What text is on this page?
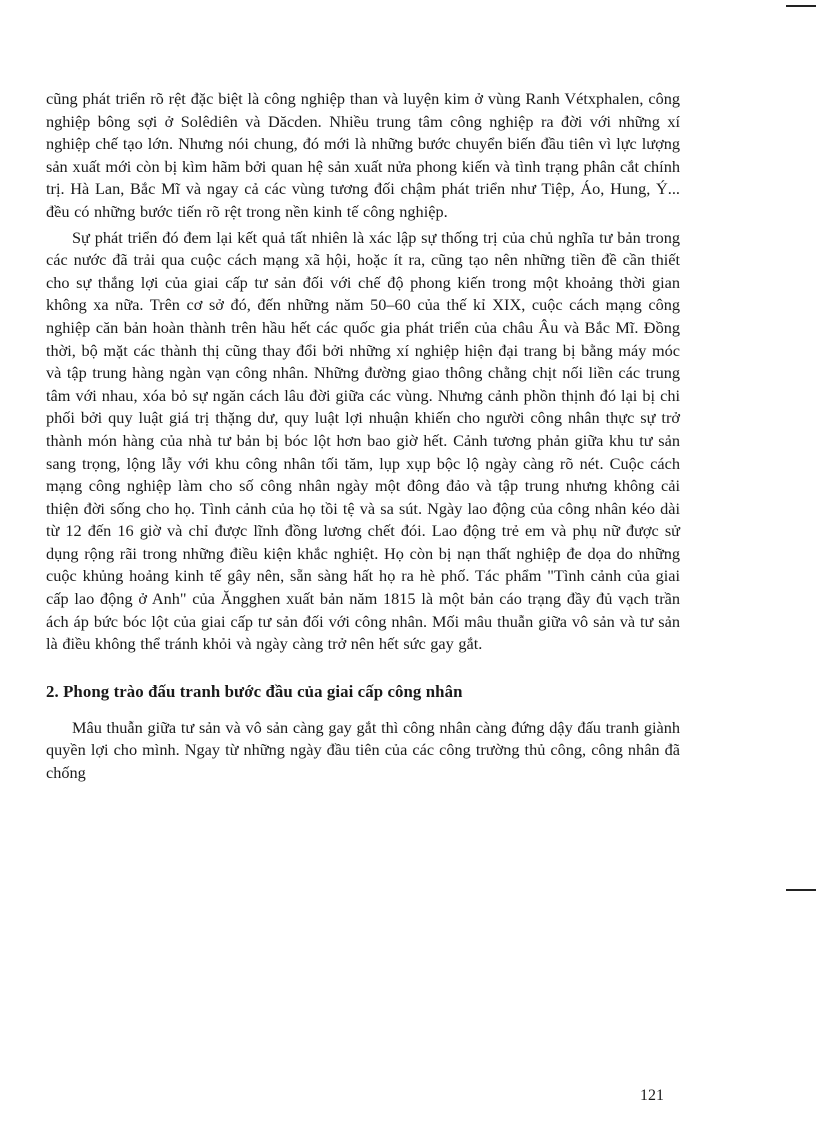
cũng phát triển rõ rệt đặc biệt là công nghiệp than và luyện kim ở vùng Ranh Vétxphalen, công nghiệp bông sợi ở Solêdiên và Dăcden. Nhiều trung tâm công nghiệp ra đời với những xí nghiệp chế tạo lớn. Nhưng nói chung, đó mới là những bước chuyển biến đầu tiên vì lực lượng sản xuất mới còn bị kìm hãm bởi quan hệ sản xuất nửa phong kiến và tình trạng phân cắt chính trị. Hà Lan, Bắc Mĩ và ngay cả các vùng tương đối chậm phát triển như Tiệp, Áo, Hung, Ý... đều có những bước tiến rõ rệt trong nền kinh tế công nghiệp.

Sự phát triển đó đem lại kết quả tất nhiên là xác lập sự thống trị của chủ nghĩa tư bản trong các nước đã trải qua cuộc cách mạng xã hội, hoặc ít ra, cũng tạo nên những tiền đề cần thiết cho sự thắng lợi của giai cấp tư sản đối với chế độ phong kiến trong một khoảng thời gian không xa nữa. Trên cơ sở đó, đến những năm 50–60 của thế kỉ XIX, cuộc cách mạng công nghiệp căn bản hoàn thành trên hầu hết các quốc gia phát triển của châu Âu và Bắc Mĩ. Đồng thời, bộ mặt các thành thị cũng thay đổi bởi những xí nghiệp hiện đại trang bị bằng máy móc và tập trung hàng ngàn vạn công nhân. Những đường giao thông chằng chịt nối liền các trung tâm với nhau, xóa bỏ sự ngăn cách lâu đời giữa các vùng. Nhưng cảnh phồn thịnh đó lại bị chi phối bởi quy luật giá trị thặng dư, quy luật lợi nhuận khiến cho người công nhân thực sự trở thành món hàng của nhà tư bản bị bóc lột hơn bao giờ hết. Cảnh tương phản giữa khu tư sản sang trọng, lộng lẫy với khu công nhân tối tăm, lụp xụp bộc lộ ngày càng rõ nét. Cuộc cách mạng công nghiệp làm cho số công nhân ngày một đông đảo và tập trung nhưng không cải thiện đời sống cho họ. Tình cảnh của họ tồi tệ và sa sút. Ngày lao động của công nhân kéo dài từ 12 đến 16 giờ và chỉ được lĩnh đồng lương chết đói. Lao động trẻ em và phụ nữ được sử dụng rộng rãi trong những điều kiện khắc nghiệt. Họ còn bị nạn thất nghiệp đe dọa do những cuộc khủng hoảng kinh tế gây nên, sẵn sàng hất họ ra hè phố. Tác phẩm "Tình cảnh của giai cấp lao động ở Anh" của Ăngghen xuất bản năm 1815 là một bản cáo trạng đầy đủ vạch trần ách áp bức bóc lột của giai cấp tư sản đối với công nhân. Mối mâu thuẫn giữa vô sản và tư sản là điều không thể tránh khỏi và ngày càng trở nên hết sức gay gắt.

2. Phong trào đấu tranh bước đầu của giai cấp công nhân

Mâu thuẫn giữa tư sản và vô sản càng gay gắt thì công nhân càng đứng dậy đấu tranh giành quyền lợi cho mình. Ngay từ những ngày đầu tiên của các công trường thủ công, công nhân đã chống

121
